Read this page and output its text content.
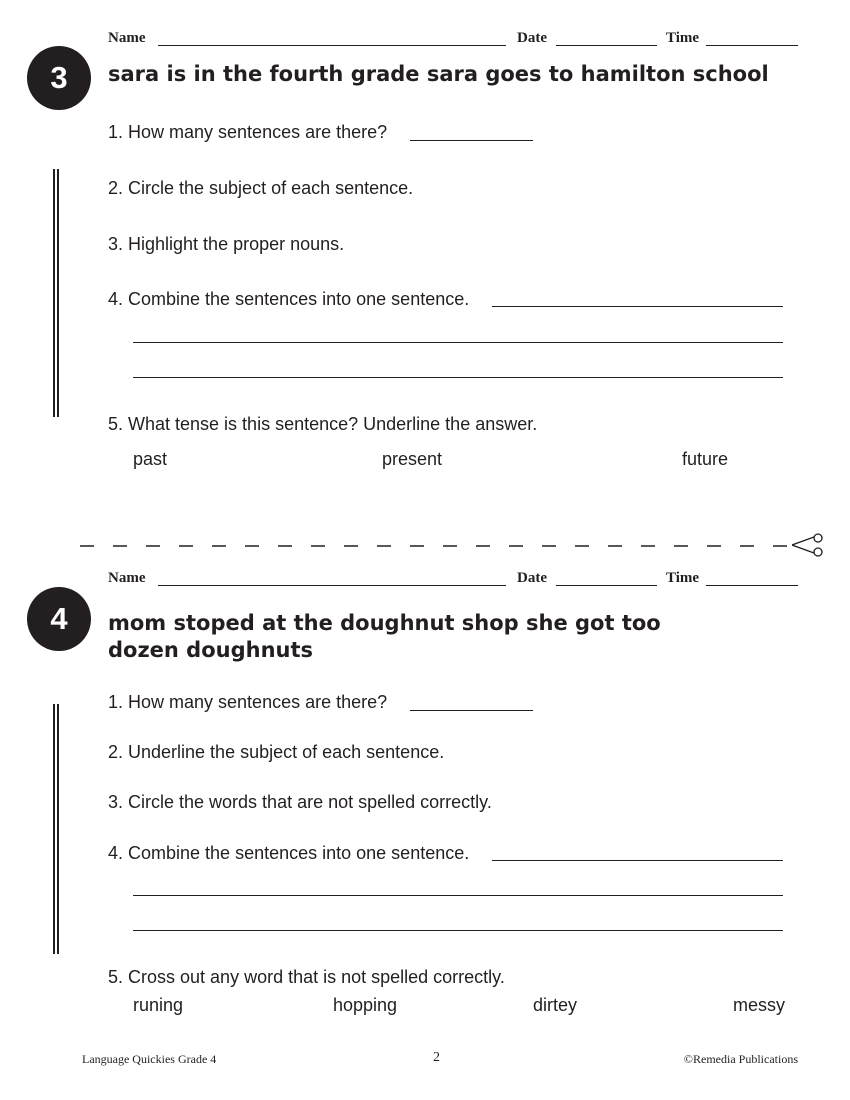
Name	Date	Time
3	sara is in the fourth grade sara goes to hamilton school
1. How many sentences are there?
2. Circle the subject of each sentence.
3. Highlight the proper nouns.
4. Combine the sentences into one sentence.
5. What tense is this sentence? Underline the answer.
past	present	future
Name	Date	Time
4	mom stoped at the doughnut shop she got too
dozen doughnuts
1. How many sentences are there?
2. Underline the subject of each sentence.
3. Circle the words that are not spelled correctly.
4. Combine the sentences into one sentence.
5. Cross out any word that is not spelled correctly.
runing	hopping	dirtey	messy
Language Quickies Grade 4	2	©Remedia Publications
